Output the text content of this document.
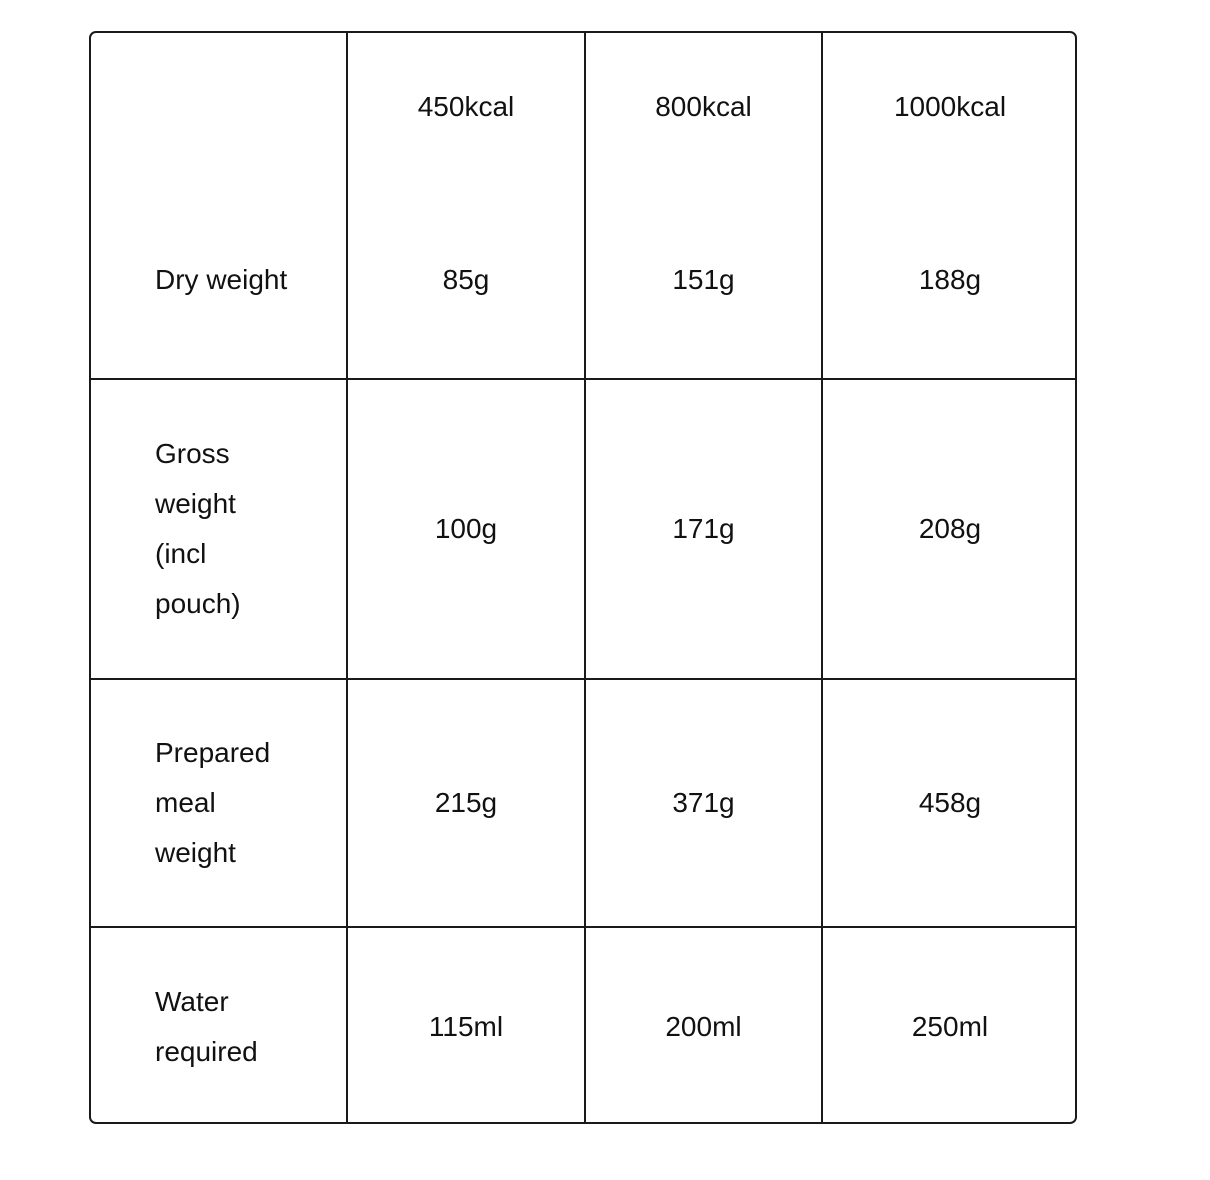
	450kcal	800kcal	1000kcal

Dry weight	85g	151g	188g

Gross weight (incl pouch)	100g	171g	208g

Prepared meal weight	215g	371g	458g

Water required	115ml	200ml	250ml
